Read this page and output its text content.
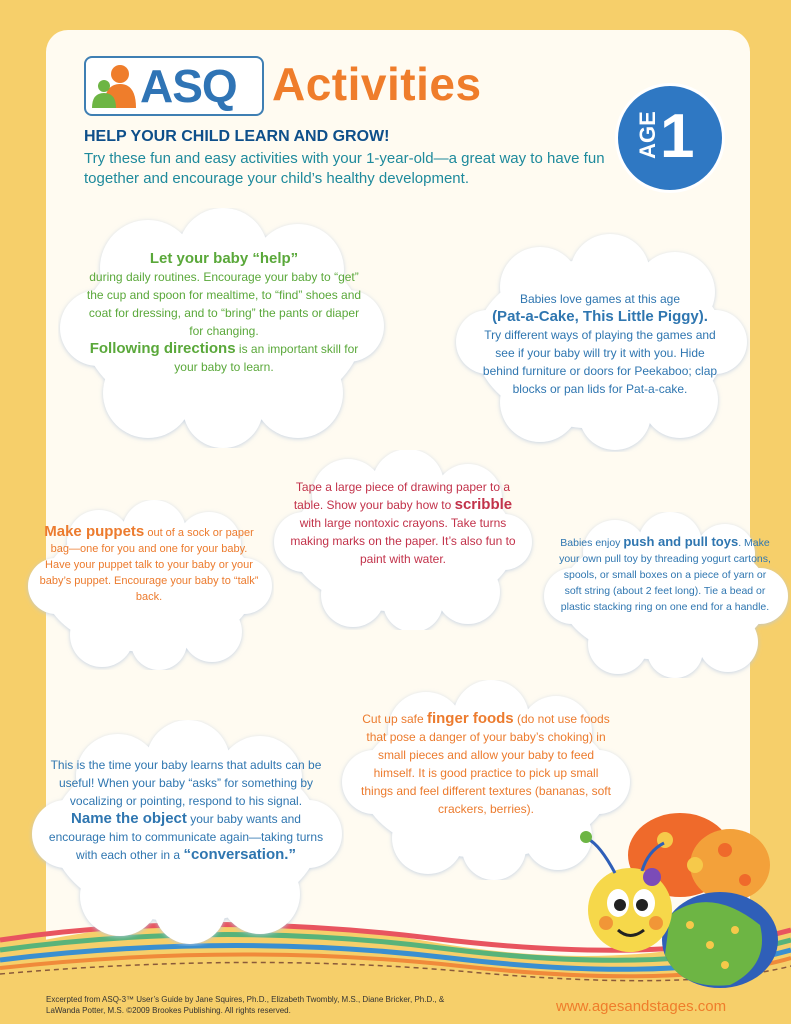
ASQ Activities
AGE 1
HELP YOUR CHILD LEARN AND GROW!
Try these fun and easy activities with your 1-year-old—a great way to have fun together and encourage your child’s healthy development.
Let your baby “help”
during daily routines. Encourage your baby to “get” the cup and spoon for mealtime, to “find” shoes and coat for dressing, and to “bring” the pants or diaper for changing.
Following directions is an important skill for your baby to learn.
Babies love games at this age
(Pat-a-Cake, This Little Piggy).
Try different ways of playing the games and see if your baby will try it with you. Hide behind furniture or doors for Peekaboo; clap blocks or pan lids for Pat-a-cake.
Tape a large piece of drawing paper to a table. Show your baby how to scribble with large nontoxic crayons. Take turns making marks on the paper. It’s also fun to paint with water.
Make puppets out of a sock or paper bag—one for you and one for your baby. Have your puppet talk to your baby or your baby’s puppet. Encourage your baby to “talk” back.
Babies enjoy push and pull toys. Make your own pull toy by threading yogurt cartons, spools, or small boxes on a piece of yarn or soft string (about 2 feet long). Tie a bead or plastic stacking ring on one end for a handle.
Cut up safe finger foods (do not use foods that pose a danger of your baby’s choking) in small pieces and allow your baby to feed himself. It is good practice to pick up small things and feel different textures (bananas, soft crackers, berries).
This is the time your baby learns that adults can be useful! When your baby “asks” for something by vocalizing or pointing, respond to his signal. Name the object your baby wants and encourage him to communicate again—taking turns with each other in a “conversation.”
Excerpted from ASQ-3™ User’s Guide by Jane Squires, Ph.D., Elizabeth Twombly, M.S., Diane Bricker, Ph.D., & LaWanda Potter, M.S. ©2009 Brookes Publishing. All rights reserved.	www.agesandstages.com
